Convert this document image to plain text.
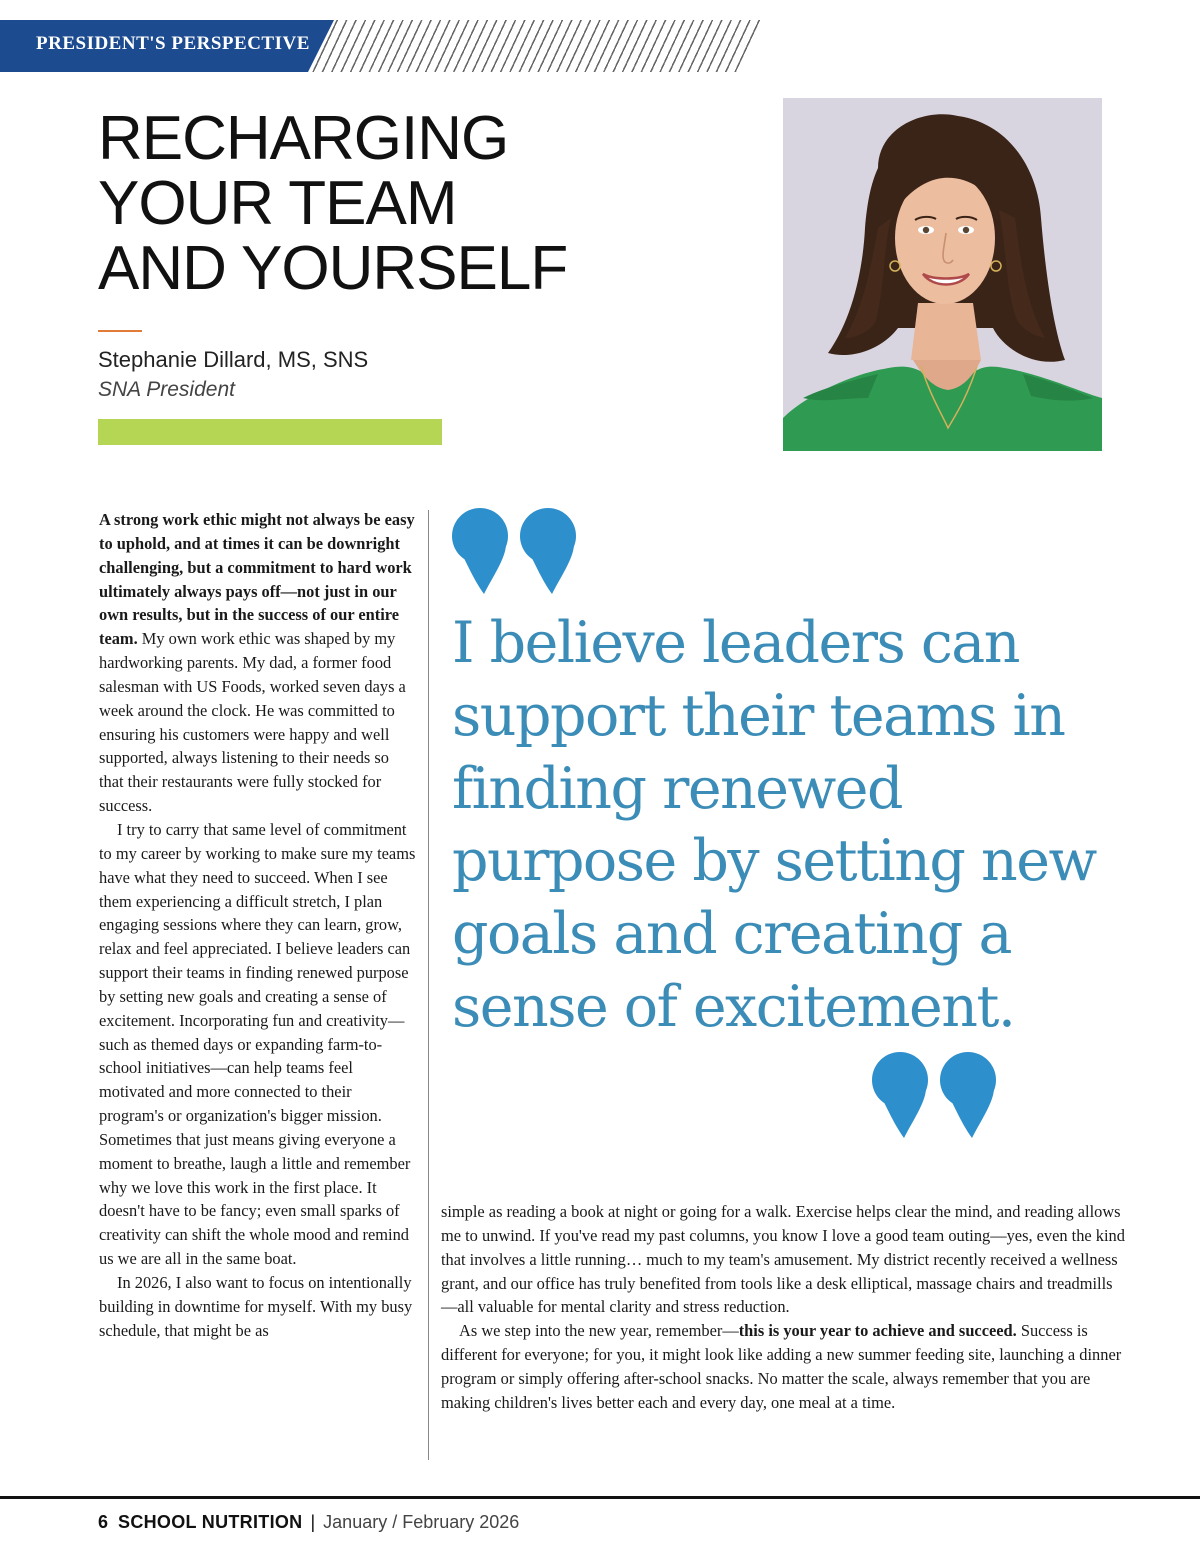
PRESIDENT'S PERSPECTIVE
RECHARGING
YOUR TEAM
AND YOURSELF
Stephanie Dillard, MS, SNS
SNA President

A strong work ethic might not always be easy to uphold, and at times it can be downright challenging, but a commitment to hard work ultimately always pays off—not just in our own results, but in the success of our entire team. My own work ethic was shaped by my hardworking parents. My dad, a former food salesman with US Foods, worked seven days a week around the clock. He was committed to ensuring his customers were happy and well supported, always listening to their needs so that their restaurants were fully stocked for success.

I try to carry that same level of commitment to my career by working to make sure my teams have what they need to succeed. When I see them experiencing a difficult stretch, I plan engaging sessions where they can learn, grow, relax and feel appreciated. I believe leaders can support their teams in finding renewed purpose by setting new goals and creating a sense of excitement. Incorporating fun and creativity—such as themed days or expanding farm-to-school initiatives—can help teams feel motivated and more connected to their program's or organization's bigger mission. Sometimes that just means giving everyone a moment to breathe, laugh a little and remember why we love this work in the first place. It doesn't have to be fancy; even small sparks of creativity can shift the whole mood and remind us we are all in the same boat.

In 2026, I also want to focus on intentionally building in downtime for myself. With my busy schedule, that might be as

I believe leaders can support their teams in finding renewed purpose by setting new goals and creating a sense of excitement.

simple as reading a book at night or going for a walk. Exercise helps clear the mind, and reading allows me to unwind. If you've read my past columns, you know I love a good team outing—yes, even the kind that involves a little running… much to my team's amusement. My district recently received a wellness grant, and our office has truly benefited from tools like a desk elliptical, massage chairs and treadmills—all valuable for mental clarity and stress reduction.

As we step into the new year, remember—this is your year to achieve and succeed. Success is different for everyone; for you, it might look like adding a new summer feeding site, launching a dinner program or simply offering after-school snacks. No matter the scale, always remember that you are making children's lives better each and every day, one meal at a time.

6 SCHOOL NUTRITION | January / February 2026
